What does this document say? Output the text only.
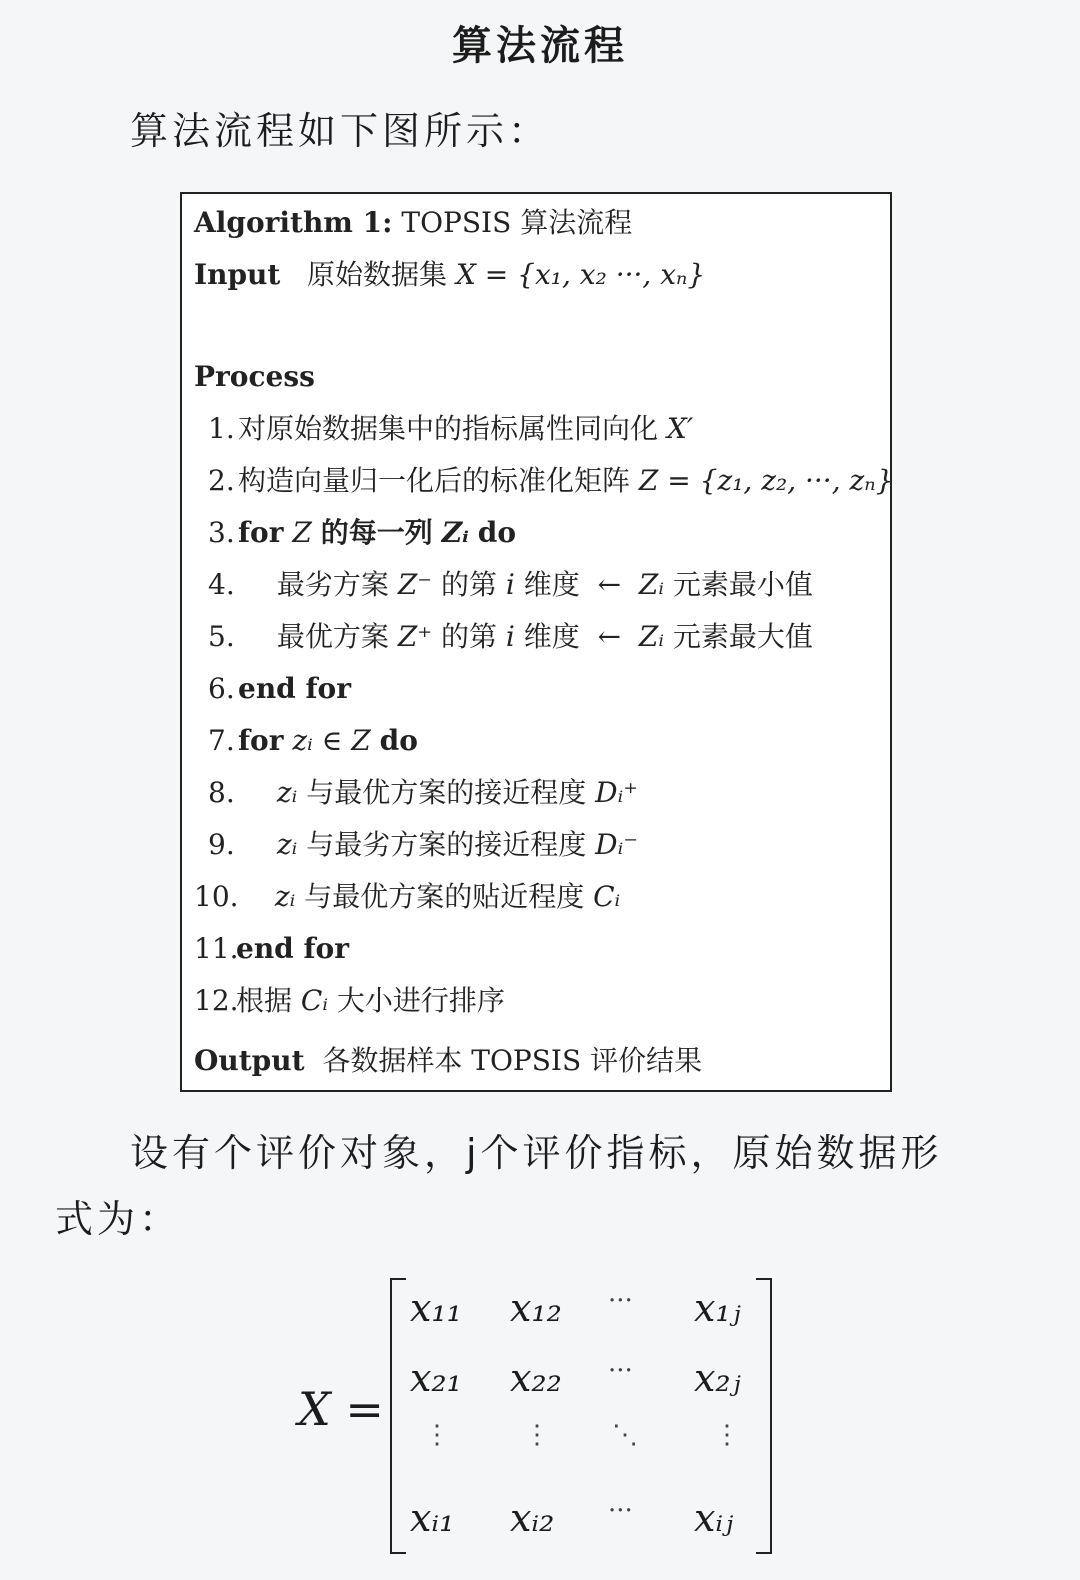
算法流程
算法流程如下图所示：
Algorithm 1: TOPSIS 算法流程
Input 原始数据集 X = {x₁, x₂ ···, xₙ}
Process
1. 对原始数据集中的指标属性同向化 X′
2. 构造向量归一化后的标准化矩阵 Z = {z₁, z₂, ···, zₙ}
3. for Z 的每一列 Zᵢ do
4. 最劣方案 Z⁻ 的第 i 维度 ← Zᵢ 元素最小值
5. 最优方案 Z⁺ 的第 i 维度 ← Zᵢ 元素最大值
6. end for
7. for zᵢ ∈ Z do
8. zᵢ 与最优方案的接近程度 Dᵢ⁺
9. zᵢ 与最劣方案的接近程度 Dᵢ⁻
10. zᵢ 与最优方案的贴近程度 Cᵢ
11.end for
12.根据 Cᵢ 大小进行排序
Output 各数据样本 TOPSIS 评价结果
设有个评价对象，j个评价指标，原始数据形
式为：
X =
x₁₁ x₁₂ ··· x₁ⱼ
x₂₁ x₂₂ ··· x₂ⱼ
⋮	⋮ ⋱	⋮
xᵢ₁ xᵢ₂ ··· xᵢⱼ
